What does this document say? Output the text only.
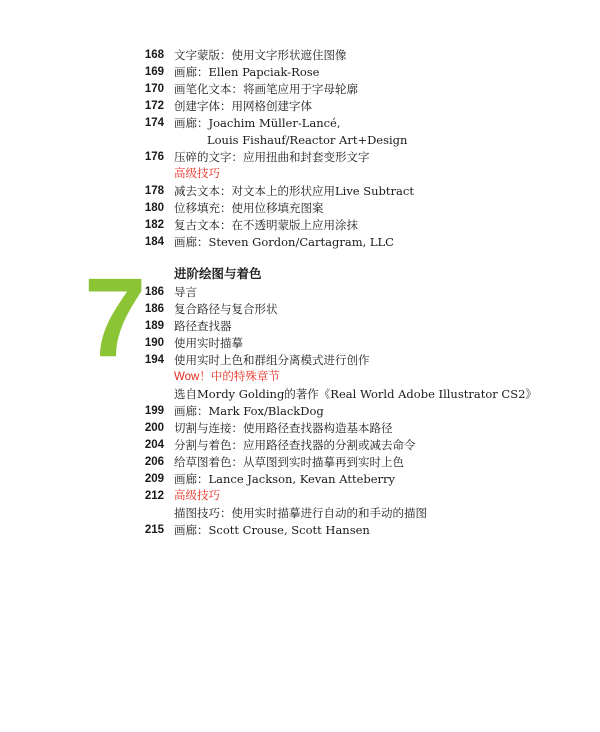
168 文字蒙版：使用文字形状遮住图像
169 画廊：Ellen Papciak-Rose
170 画笔化文本：将画笔应用于字母轮廓
172 创建字体：用网格创建字体
174 画廊：Joachim Müller-Lancé,
Louis Fishauf/Reactor Art+Design
176 压碎的文字：应用扭曲和封套变形文字
高级技巧
178 减去文本：对文本上的形状应用Live Subtract
180 位移填充：使用位移填充图案
182 复古文本：在不透明蒙版上应用涂抹
184 画廊：Steven Gordon/Cartagram, LLC
7 进阶绘图与着色
186 导言
186 复合路径与复合形状
189 路径查找器
190 使用实时描摹
194 使用实时上色和群组分离模式进行创作
Wow！中的特殊章节
选自Mordy Golding的著作《Real World Adobe Illustrator CS2》
199 画廊：Mark Fox/BlackDog
200 切割与连接：使用路径查找器构造基本路径
204 分割与着色：应用路径查找器的分割或减去命令
206 给草图着色：从草图到实时描摹再到实时上色
209 画廊：Lance Jackson, Kevan Atteberry
212 高级技巧
描图技巧：使用实时描摹进行自动的和手动的描图
215 画廊：Scott Crouse, Scott Hansen
